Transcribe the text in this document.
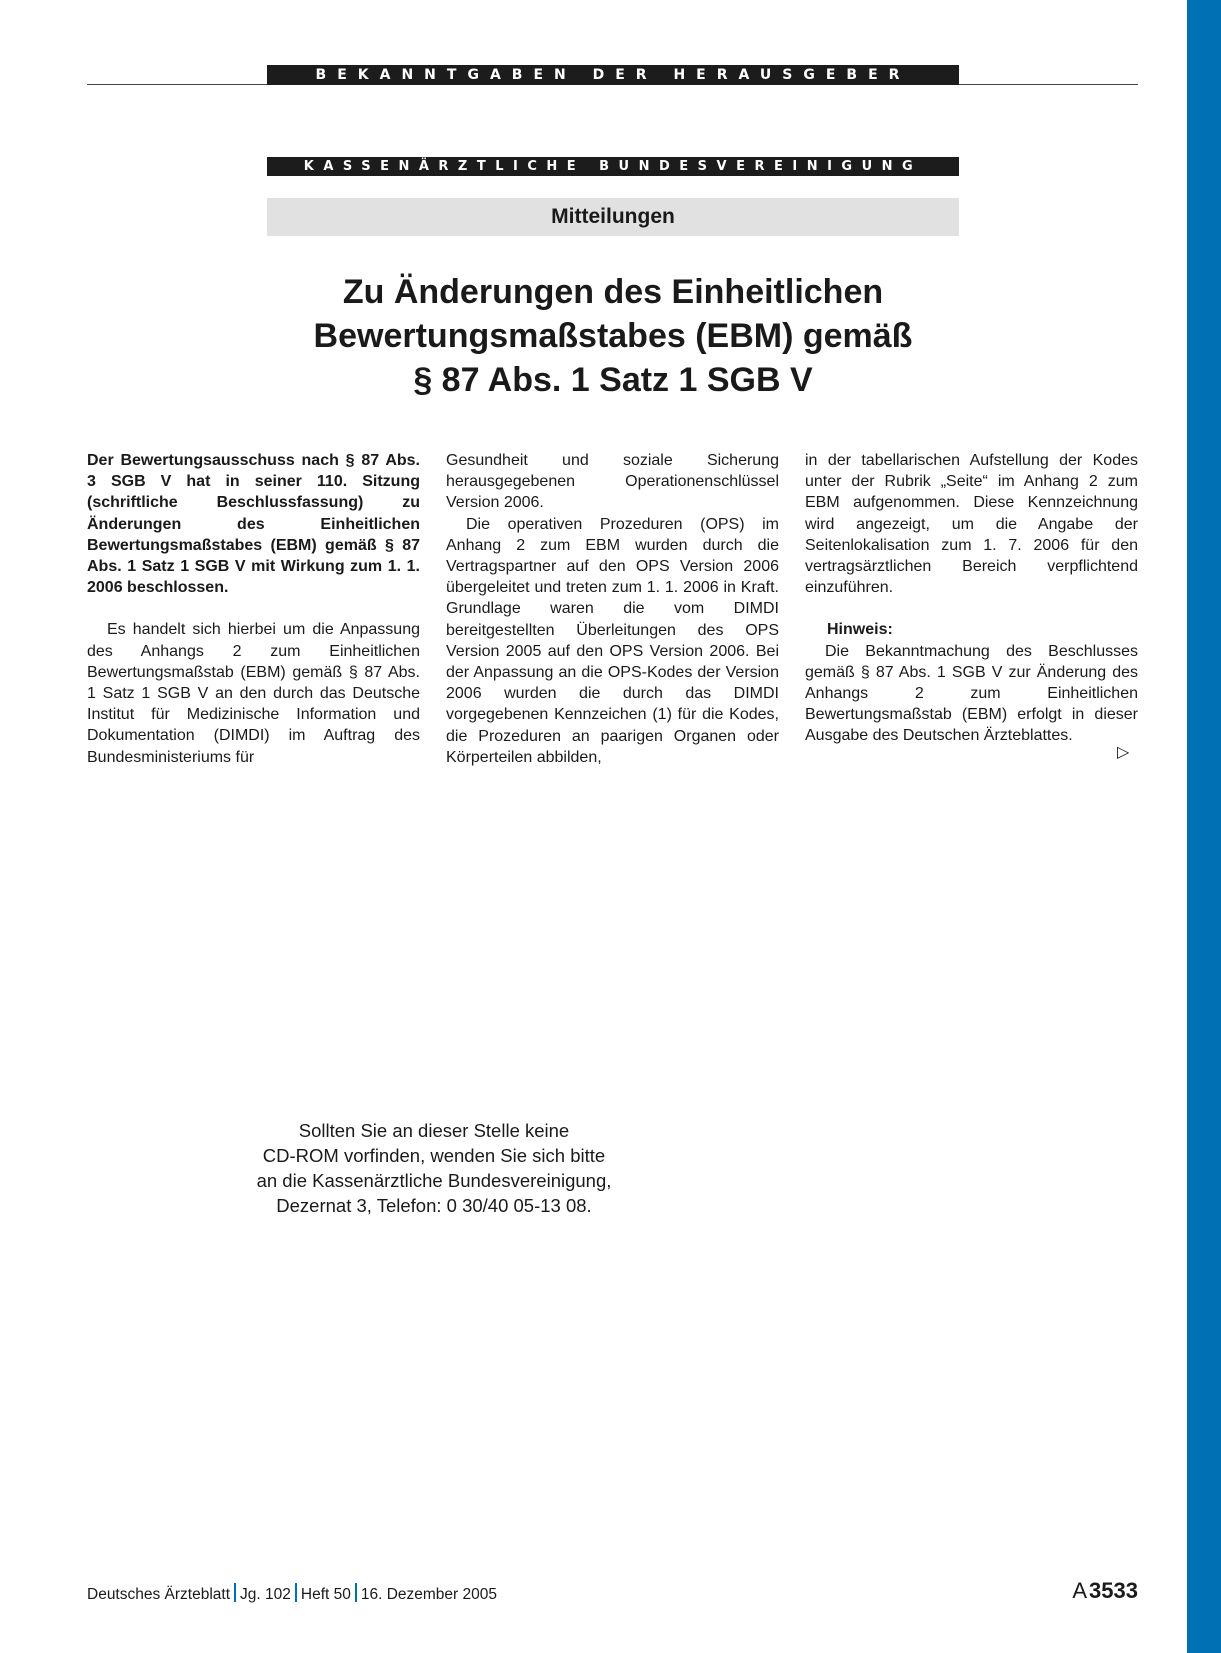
BEKANNTGABEN DER HERAUSGEBER
KASSENÄRZTLICHE BUNDESVEREINIGUNG
Mitteilungen
Zu Änderungen des Einheitlichen
Bewertungsmaßstabes (EBM) gemäß
§ 87 Abs. 1 Satz 1 SGB V

Der Bewertungsausschuss nach § 87 Abs. 3 SGB V hat in seiner 110. Sitzung (schriftliche Beschlussfassung) zu Änderungen des Einheitlichen Bewertungsmaßstabes (EBM) gemäß § 87 Abs. 1 Satz 1 SGB V mit Wirkung zum 1. 1. 2006 beschlossen.

Es handelt sich hierbei um die Anpassung des Anhangs 2 zum Einheitlichen Bewertungsmaßstab (EBM) gemäß § 87 Abs. 1 Satz 1 SGB V an den durch das Deutsche Institut für Medizinische Information und Dokumentation (DIMDI) im Auftrag des Bundesministeriums für

Gesundheit und soziale Sicherung herausgegebenen Operationenschlüssel Version 2006.

Die operativen Prozeduren (OPS) im Anhang 2 zum EBM wurden durch die Vertragspartner auf den OPS Version 2006 übergeleitet und treten zum 1. 1. 2006 in Kraft. Grundlage waren die vom DIMDI bereitgestellten Überleitungen des OPS Version 2005 auf den OPS Version 2006. Bei der Anpassung an die OPS-Kodes der Version 2006 wurden die durch das DIMDI vorgegebenen Kennzeichen (1) für die Kodes, die Prozeduren an paarigen Organen oder Körperteilen abbilden,

in der tabellarischen Aufstellung der Kodes unter der Rubrik „Seite“ im Anhang 2 zum EBM aufgenommen. Diese Kennzeichnung wird angezeigt, um die Angabe der Seitenlokalisation zum 1. 7. 2006 für den vertragsärztlichen Bereich verpflichtend einzuführen.

Hinweis:

Die Bekanntmachung des Beschlusses gemäß § 87 Abs. 1 SGB V zur Änderung des Anhangs 2 zum Einheitlichen Bewertungsmaßstab (EBM) erfolgt in dieser Ausgabe des Deutschen Ärzteblattes.

▷
Sollten Sie an dieser Stelle keine
CD-ROM vorfinden, wenden Sie sich bitte
an die Kassenärztliche Bundesvereinigung,
Dezernat 3, Telefon: 0 30/40 05-13 08.
Deutsches Ärzteblatt Jg. 102 Heft 50 16. Dezember 2005	A3533
